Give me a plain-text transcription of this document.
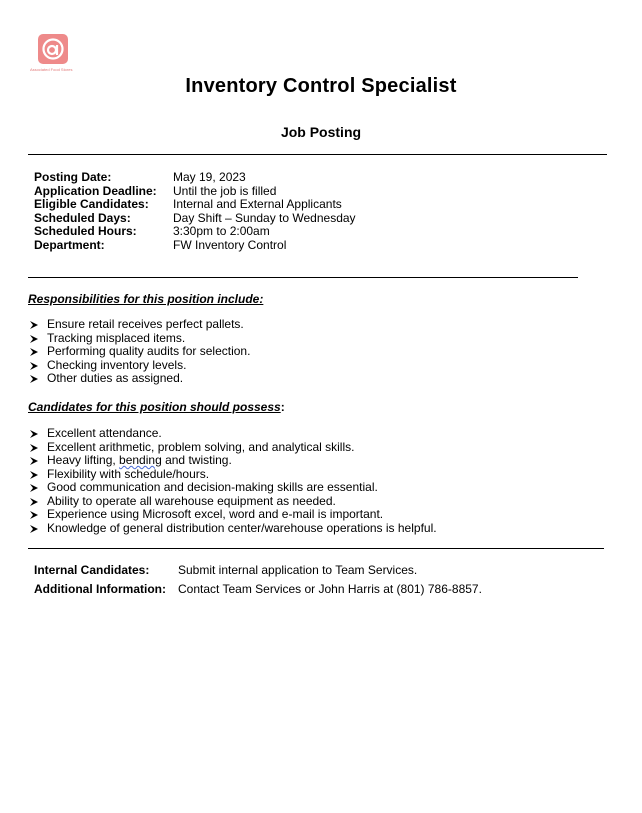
Associated Food Stores
Inventory Control Specialist
Job Posting
Posting Date:	May 19, 2023
Application Deadline:	Until the job is filled
Eligible Candidates:	Internal and External Applicants
Scheduled Days:	Day Shift – Sunday to Wednesday
Scheduled Hours:	3:30pm to 2:00am
Department:	FW Inventory Control
Responsibilities for this position include:
Ensure retail receives perfect pallets.
Tracking misplaced items.
Performing quality audits for selection.
Checking inventory levels.
Other duties as assigned.
Candidates for this position should possess:
Excellent attendance.
Excellent arithmetic, problem solving, and analytical skills.
Heavy lifting, bending and twisting.
Flexibility with schedule/hours.
Good communication and decision-making skills are essential.
Ability to operate all warehouse equipment as needed.
Experience using Microsoft excel, word and e-mail is important.
Knowledge of general distribution center/warehouse operations is helpful.
Internal Candidates:	Submit internal application to Team Services.
Additional Information:	Contact Team Services or John Harris at (801) 786-8857.
